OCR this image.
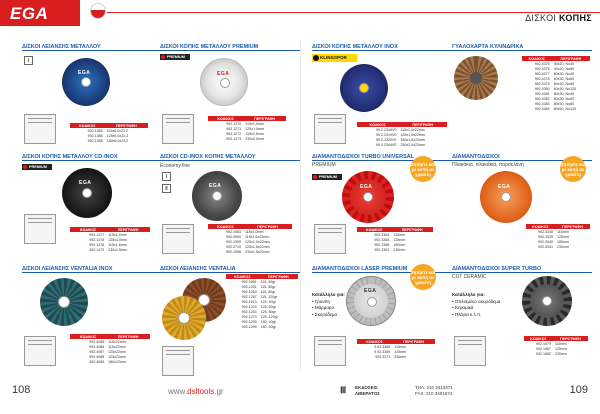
EGA	ΔΙΣΚΟΙ ΚΟΠΗΣ
ΔΙΣΚΟΙ ΛΕΙΑΝΣΗΣ ΜΕΤΑΛΛΟΥ
i
EGA
ΚΩΔΙΚΟΣ	ΠΕΡΙΓΡΑΦΗ
992.1385	115x6,0x22,2
992.1386	125x6,0x22,2
992.1388	180x6,0x22,2
ΔΙΣΚΟΙ ΚΟΠΗΣ ΜΕΤΑΛΛΟΥ PREMIUM
PREMIUM
EGA
ΚΩΔΙΚΟΣ	ΠΕΡΙΓΡΑΦΗ
992.1270	115x1,0mm
992.1271	125x1,0mm
992.1272	115x2,5mm
992.1273	230x2,5mm
ΔΙΣΚΟΙ ΚΟΠΗΣ ΜΕΤΑΛΛΟΥ INOX
KLINGSPOR
ΚΩΔΙΚΟΣ	ΠΕΡΙΓΡΑΦΗ
99.2.2318V0	115x1,0x22mm
99.2.2319V0	125x1,0x22mm
99.2.2320V0	150x1,6x22mm
99.2.2344V0	230x2,0x22mm
ΓΥΑΛΟΧΑΡΤΑ ΚΥΛΙΝΔΡΙΚΑ
ΚΩΔΙΚΟΣ	ΠΕΡΙΓΡΑΦΗ
992.4375	40x20, Νο40
992.4376	40x20, Νο60
992.4377	60x30, Νο40
992.4378	60x30, Νο60
992.4379	60x30, Νο80
992.4380	60x30, Νο120
992.4381	80x30, Νο40
992.4382	80x30, Νο60
992.4383	80x30, Νο80
992.4384	80x50, Νο120
ΔΙΣΚΟΙ ΚΟΠΗΣ ΜΕΤΑΛΛΟΥ CD-INOX
PREMIUM
EGA
ΚΩΔΙΚΟΣ	ΠΕΡΙΓΡΑΦΗ
992.1477	115x1,0mm
992.1478	125x1,0mm
992.1476	115x1,6mm
992.1479	230x1,9mm
ΔΙΣΚΟΙ CD-INOX ΚΟΠΗΣ ΜΕΤΑΛΛΟΥ
Economy line
i
‖	EGA
ΚΩΔΙΚΟΣ	ΠΕΡΙΓΡΑΦΗ
992.1983	115x1,0mm
992.2699	115x1,6x22mm
992.1999	125x1,0x22mm
992.2719	125x1,6x22mm
992.1998	230x1,9x22mm
ΔΙΑΜΑΝΤΟΔΙΣΚΟΙ TURBO UNIVERSAL
PREMIUM
PREMIUM
Ζητήστε και με κοπή σε γρανίτη
EGA
ΚΩΔΙΚΟΣ	ΠΕΡΙΓΡΑΦΗ
992.3364	115mm
992.3365	125mm
992.3366	180mm
992.3367	230mm
ΔΙΑΜΑΝΤΟΔΙΣΚΟΙ
Πλακάκια, πλακάκια, πορσελάνη	Ζητήστε και με κοπή σε γρανίτη
EGA
ΚΩΔΙΚΟΣ	ΠΕΡΙΓΡΑΦΗ
992.3338	115mm
992.3339	125mm
992.3340	180mm
992.3341	230mm
ΔΙΣΚΟΙ ΛΕΙΑΝΣΗΣ VENTALIA INOX
ΚΩΔΙΚΟΣ	ΠΕΡΙΓΡΑΦΗ
992.4085	115x22mm
992.4086	115x22mm
992.4087	125x22mm
992.4088	125x22mm
992.4089	180x22mm
ΔΙΣΚΟΙ ΛΕΙΑΝΣΗΣ VENTALIA
ΚΩΔΙΚΟΣ	ΠΕΡΙΓΡΑΦΗ
992.1651	115, 40gr
992.1261	115, 60gr
992.1263	115, 80gr
992.1267	115, 120gr
992.1513	125, 40gr
992.1223	125, 60gr
992.1253	125, 80gr
992.1273	125, 120gr
992.1293	180, 40gr
992.1299	180, 60gr
ΔΙΑΜΑΝΤΟΔΙΣΚΟΙ LASER PREMIUM Ζητήστε και με κοπή σε γρανίτη
EGA
Κατάλληλο για:
• Γρανίτη
• Μάρμαρο
• Σκυρόδεμα
ΚΩΔΙΚΟΣ	ΠΕΡΙΓΡΑΦΗ
9.92.3368	115mm
9.92.3369	125mm
992.3371	230mm
ΔΙΑΜΑΝΤΟΔΙΣΚΟΙ SUPER TURBO
CUT CERAMIC
Κατάλληλο για:
• Οπλισμένο σκυρόδεμα
• Κεραμικά
• Πλάγια κ.λ.π.
ΚΩΔΙΚΟΣ	ΠΕΡΙΓΡΑΦΗ
992.1979	115mm
992.1987	125mm
992.1982	230mm
108	www.dsltools.gr	Ⅲ	ΕΚΔΟΣΕΙΣ
ΛΙΒΕΡΑΤΟΣ
ΤΗΛ: 210 3413371
FAX: 210 3401674	109
